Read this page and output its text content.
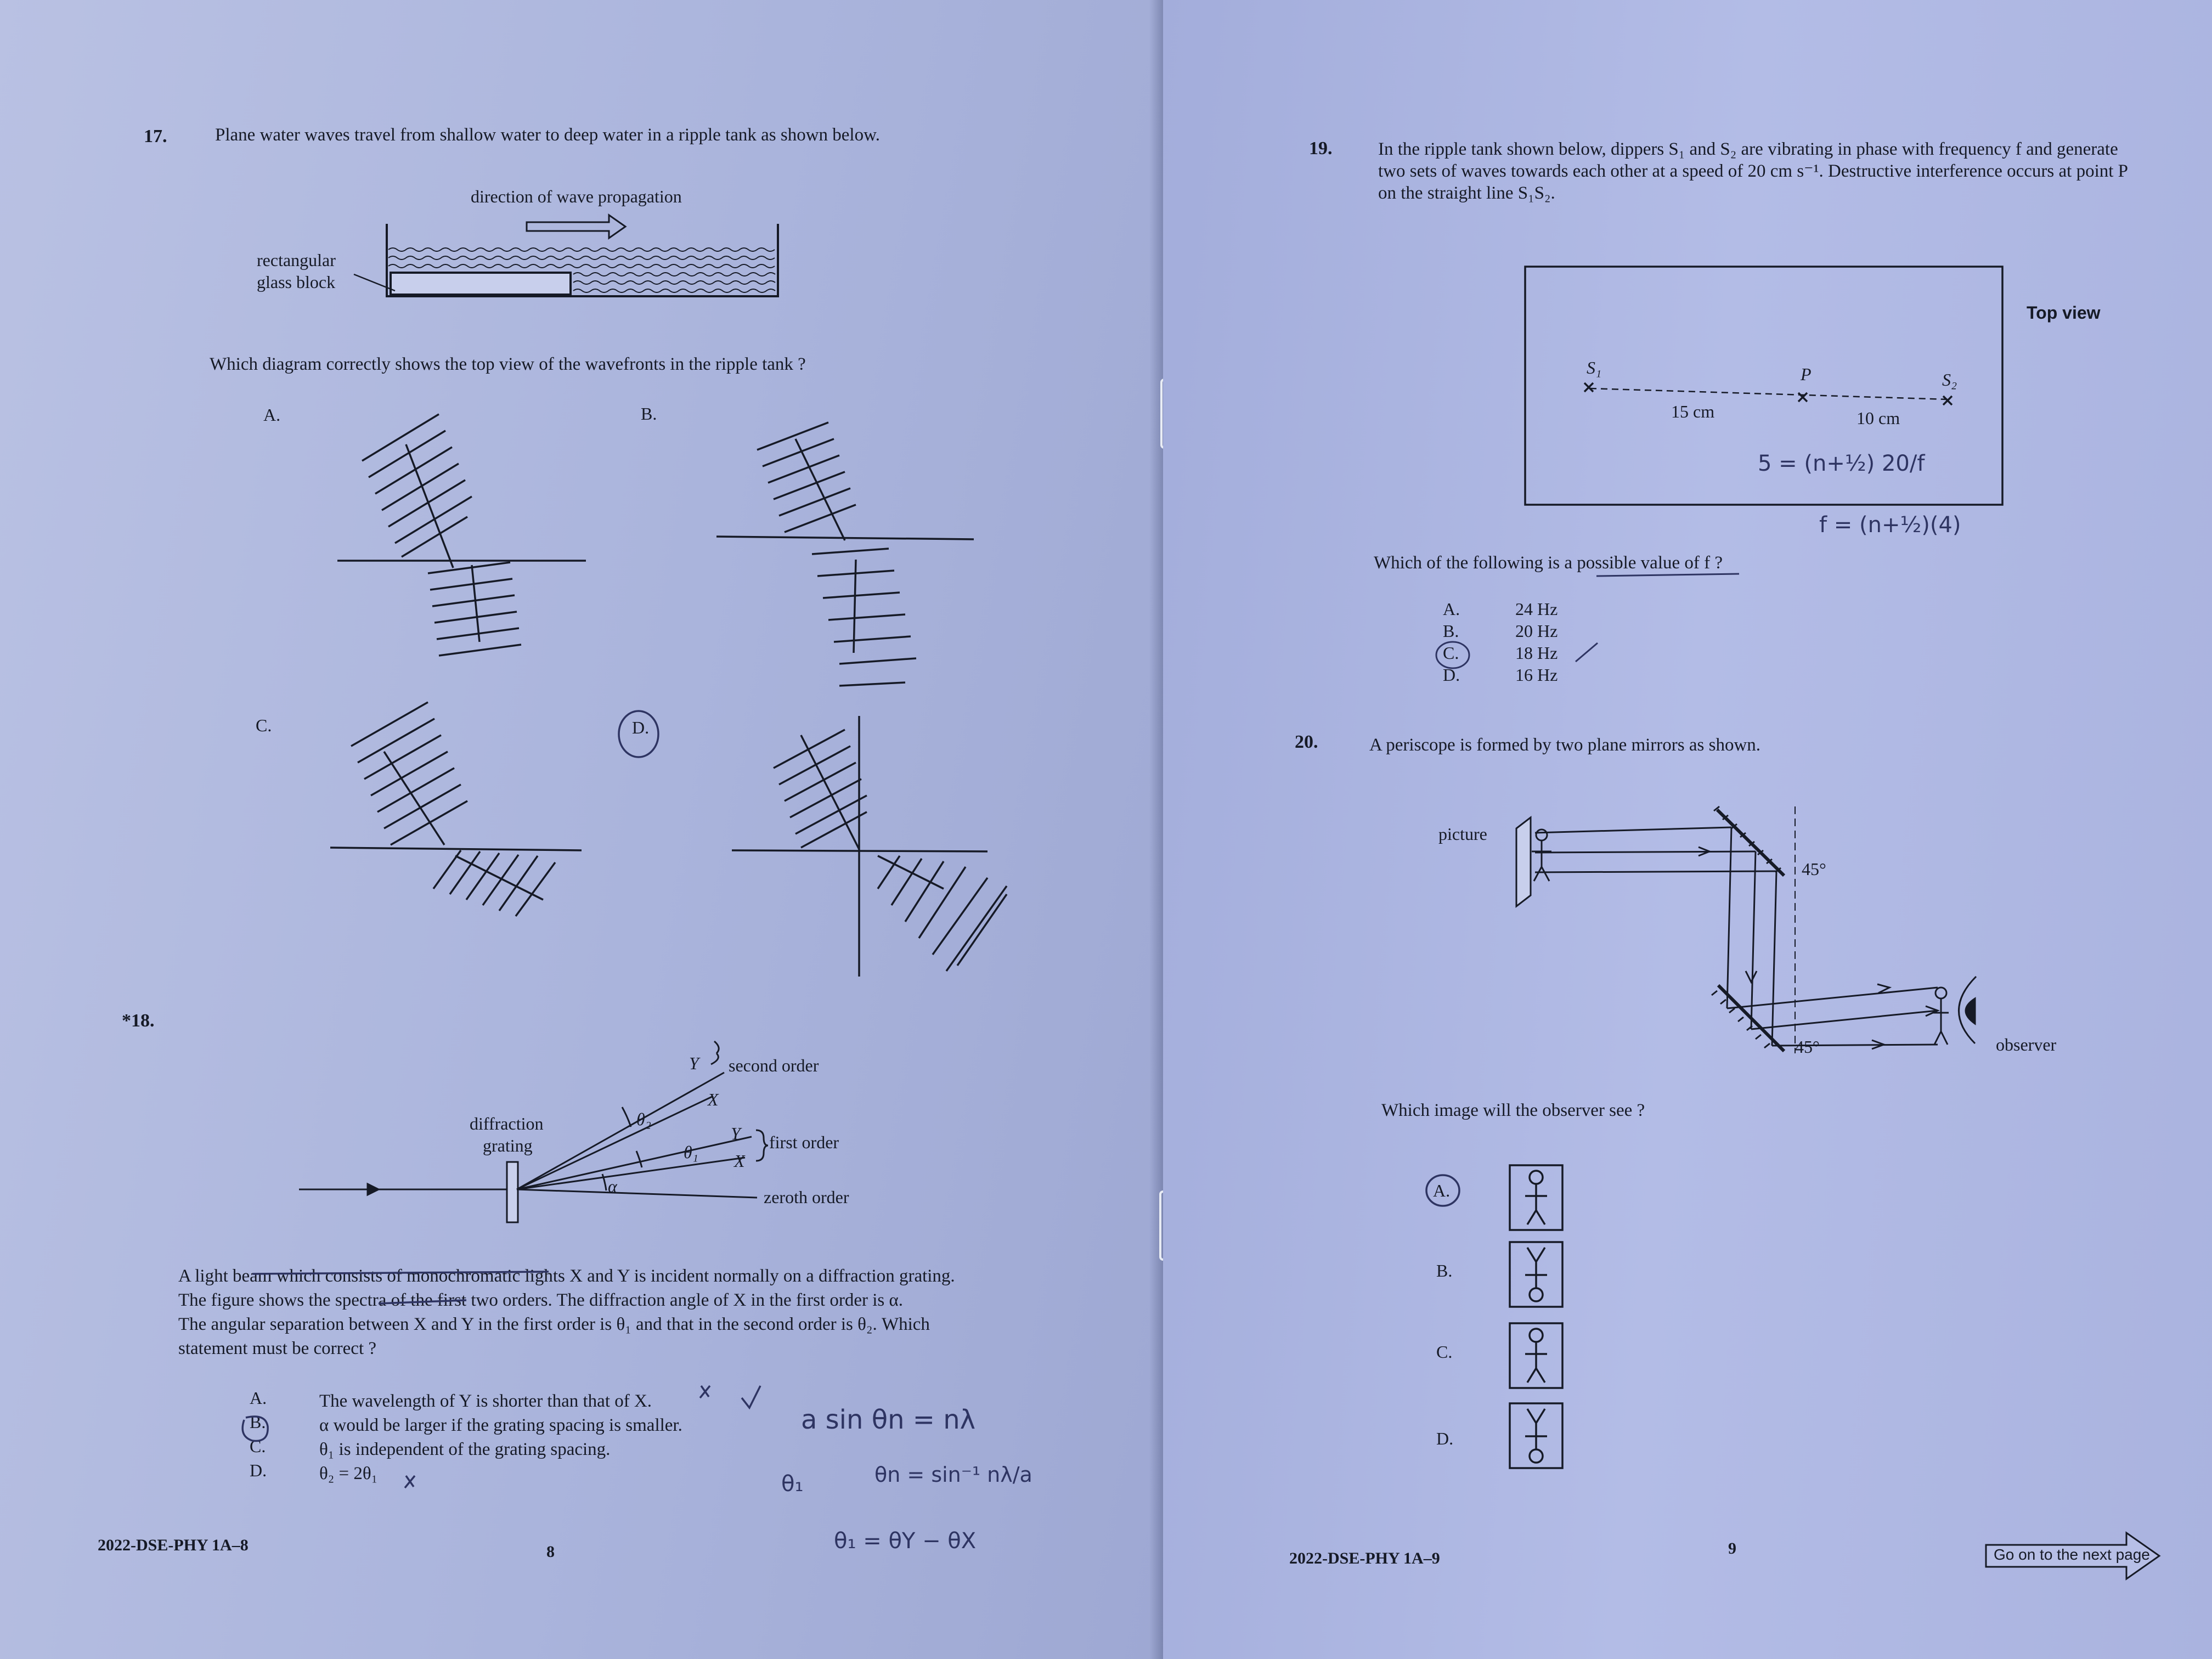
17.	Plane water waves travel from shallow water to deep water in a ripple tank as shown below.
direction of wave propagation
rectangular
glass block
Which diagram correctly shows the top view of the wavefronts in the ripple tank ?
A.	B.
C.	D.
*18.
second order
first order
zeroth order
diffraction
grating
Y
X
Y
X
θ₂
θ₁
α
A light beam which consists of monochromatic lights X and Y is incident normally on a diffraction grating.
The figure shows the spectra of the first two orders. The diffraction angle of X in the first order is α.
The angular separation between X and Y in the first order is θ₁ and that in the second order is θ₂. Which
statement must be correct ?
A.	The wavelength of Y is shorter than that of X.
B.	α would be larger if the grating spacing is smaller.
C.	θ₁ is independent of the grating spacing.
D.	θ₂ = 2θ₁
a sin θn = nλ
θ₁	θn = sin⁻¹ nλ/a
θ₁ = θY − θX
2022-DSE-PHY 1A–8	8
19.	In the ripple tank shown below, dippers S₁ and S₂ are vibrating in phase with frequency f and generate
two sets of waves towards each other at a speed of 20 cm s⁻¹. Destructive interference occurs at point P
on the straight line S₁S₂.
Top view
S₁	P	S₂
15 cm	10 cm
5 = (n+½) 20/f
f = (n+½)(4)
Which of the following is a possible value of f ?
A.	24 Hz
B.	20 Hz
C.	18 Hz
D.	16 Hz
20.	A periscope is formed by two plane mirrors as shown.
picture
45°
45°	observer
Which image will the observer see ?
A.
B.
C.
D.
2022-DSE-PHY 1A–9
9	Go on to the next page
